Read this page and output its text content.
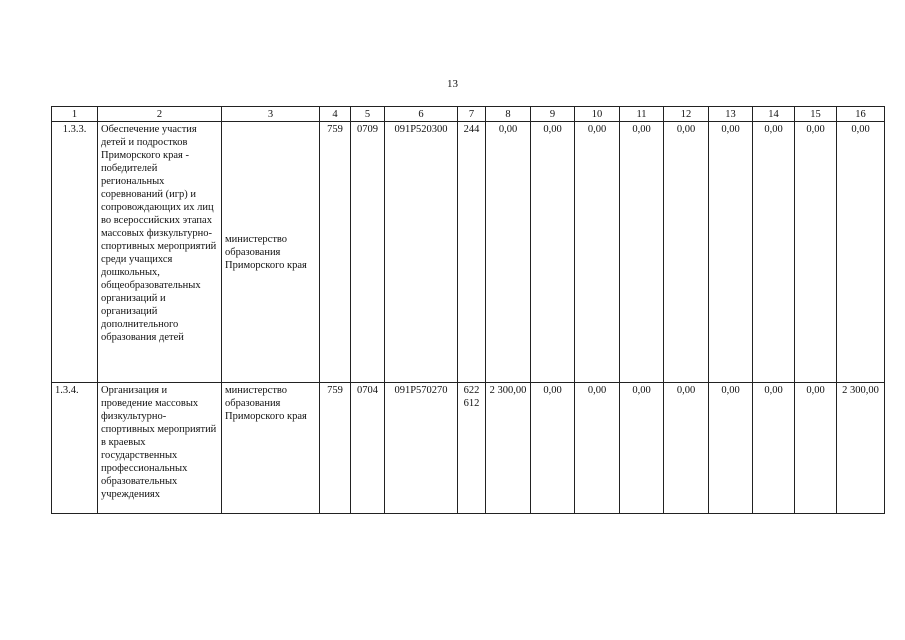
13
1	2	3	4	5	6	7	8	9	10	11	12	13	14	15	16
1.3.3.	Обеспечение участия детей и подростков Приморского края - победителей региональных соревнований (игр) и сопровождающих их лиц во всероссийских этапах массовых физкультурно-спортивных мероприятий среди учащихся дошкольных, общеобразовательных организаций и организаций дополнительного образования детей	министерство образования Приморского края	759	0709	091P520300	244	0,00	0,00	0,00	0,00	0,00	0,00	0,00	0,00	0,00
1.3.4.	Организация и проведение массовых физкультурно-спортивных мероприятий в краевых государственных профессиональных образовательных учреждениях	министерство образования Приморского края	759	0704	091P570270	622 612	2 300,00	0,00	0,00	0,00	0,00	0,00	0,00	0,00	2 300,00
